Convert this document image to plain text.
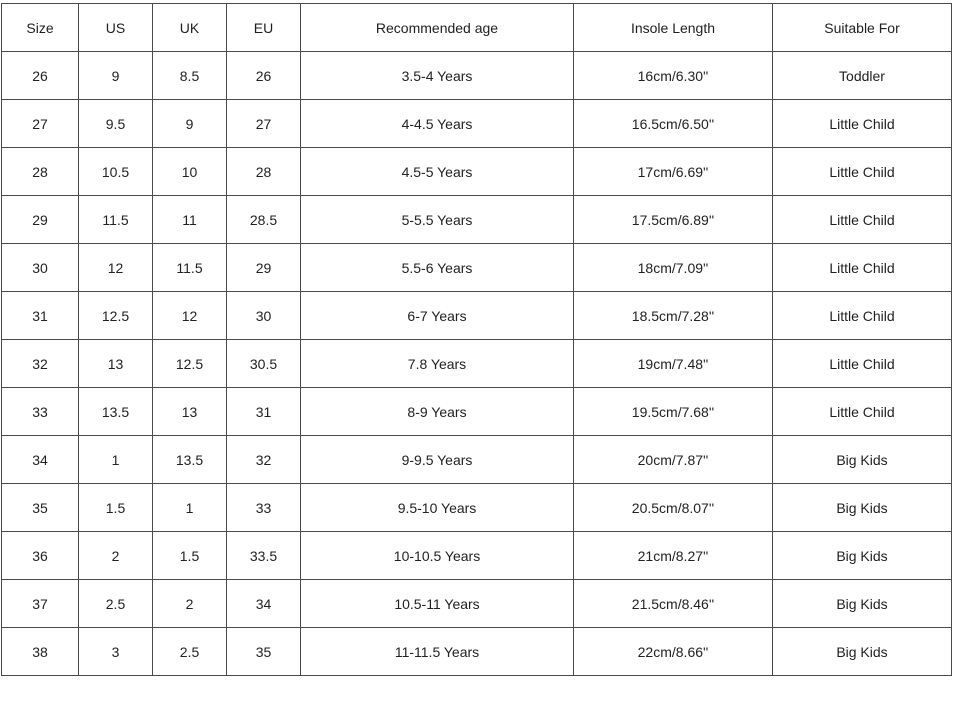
Size	US	UK	EU	Recommended age	Insole Length	Suitable For
26	9	8.5	26	3.5-4 Years	16cm/6.30''	Toddler
27	9.5	9	27	4-4.5 Years	16.5cm/6.50''	Little Child
28	10.5	10	28	4.5-5 Years	17cm/6.69''	Little Child
29	11.5	11	28.5	5-5.5 Years	17.5cm/6.89''	Little Child
30	12	11.5	29	5.5-6 Years	18cm/7.09''	Little Child
31	12.5	12	30	6-7 Years	18.5cm/7.28''	Little Child
32	13	12.5	30.5	7.8 Years	19cm/7.48''	Little Child
33	13.5	13	31	8-9 Years	19.5cm/7.68''	Little Child
34	1	13.5	32	9-9.5 Years	20cm/7.87''	Big Kids
35	1.5	1	33	9.5-10 Years	20.5cm/8.07''	Big Kids
36	2	1.5	33.5	10-10.5 Years	21cm/8.27''	Big Kids
37	2.5	2	34	10.5-11 Years	21.5cm/8.46''	Big Kids
38	3	2.5	35	11-11.5 Years	22cm/8.66''	Big Kids
